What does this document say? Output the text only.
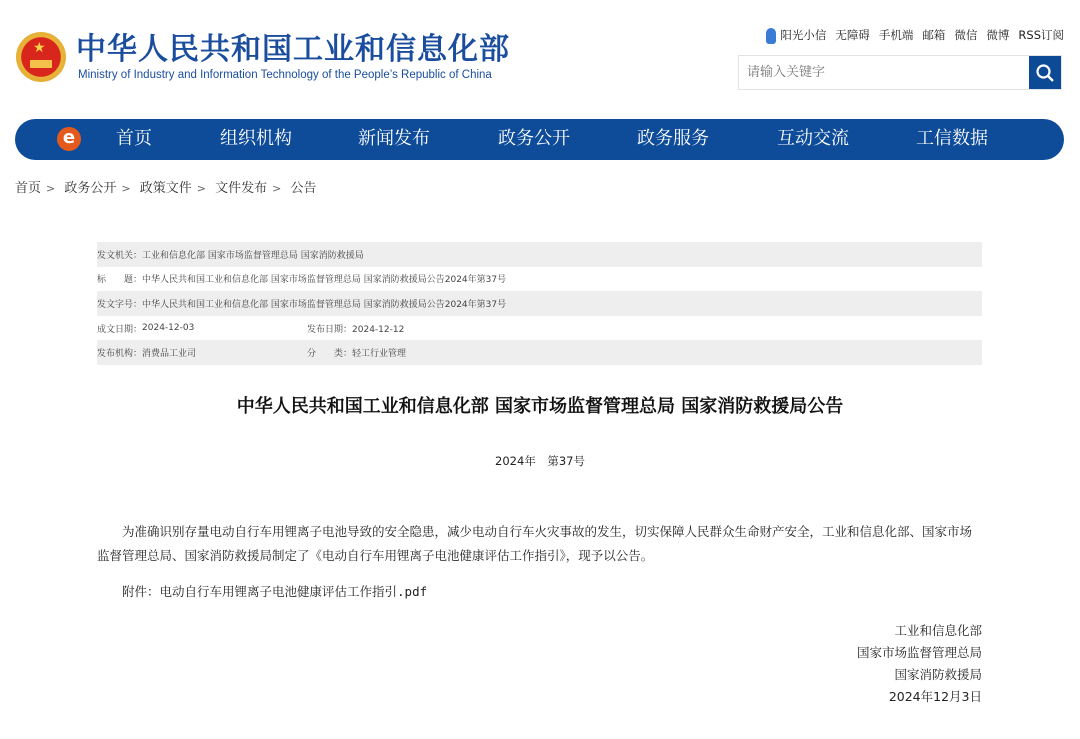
★ 中华人民共和国工业和信息化部
Ministry of Industry and Information Technology of the People’s Republic of China
阳光小信 无障碍 手机端 邮箱 微信 微博 RSS订阅
请输入关键字
e	首页	组织机构	新闻发布	政务公开	政务服务	互动交流	工信数据
首页 > 政务公开 > 政策文件 > 文件发布 > 公告
发文机关： 工业和信息化部 国家市场监督管理总局 国家消防救援局
标　　题： 中华人民共和国工业和信息化部 国家市场监督管理总局 国家消防救援局公告2024年第37号
发文字号： 中华人民共和国工业和信息化部 国家市场监督管理总局 国家消防救援局公告2024年第37号
成文日期： 2024-12-03	发布日期：2024-12-12
发布机构： 消费品工业司	分　　类：轻工行业管理
中华人民共和国工业和信息化部 国家市场监督管理总局 国家消防救援局公告
2024年　第37号

为准确识别存量电动自行车用锂离子电池导致的安全隐患，减少电动自行车火灾事故的发生，切实保障人民群众生命财产安全，工业和信息化部、国家市场监督管理总局、国家消防救援局制定了《电动自行车用锂离子电池健康评估工作指引》，现予以公告。

附件：电动自行车用锂离子电池健康评估工作指引.pdf
工业和信息化部
国家市场监督管理总局
国家消防救援局
2024年12月3日
